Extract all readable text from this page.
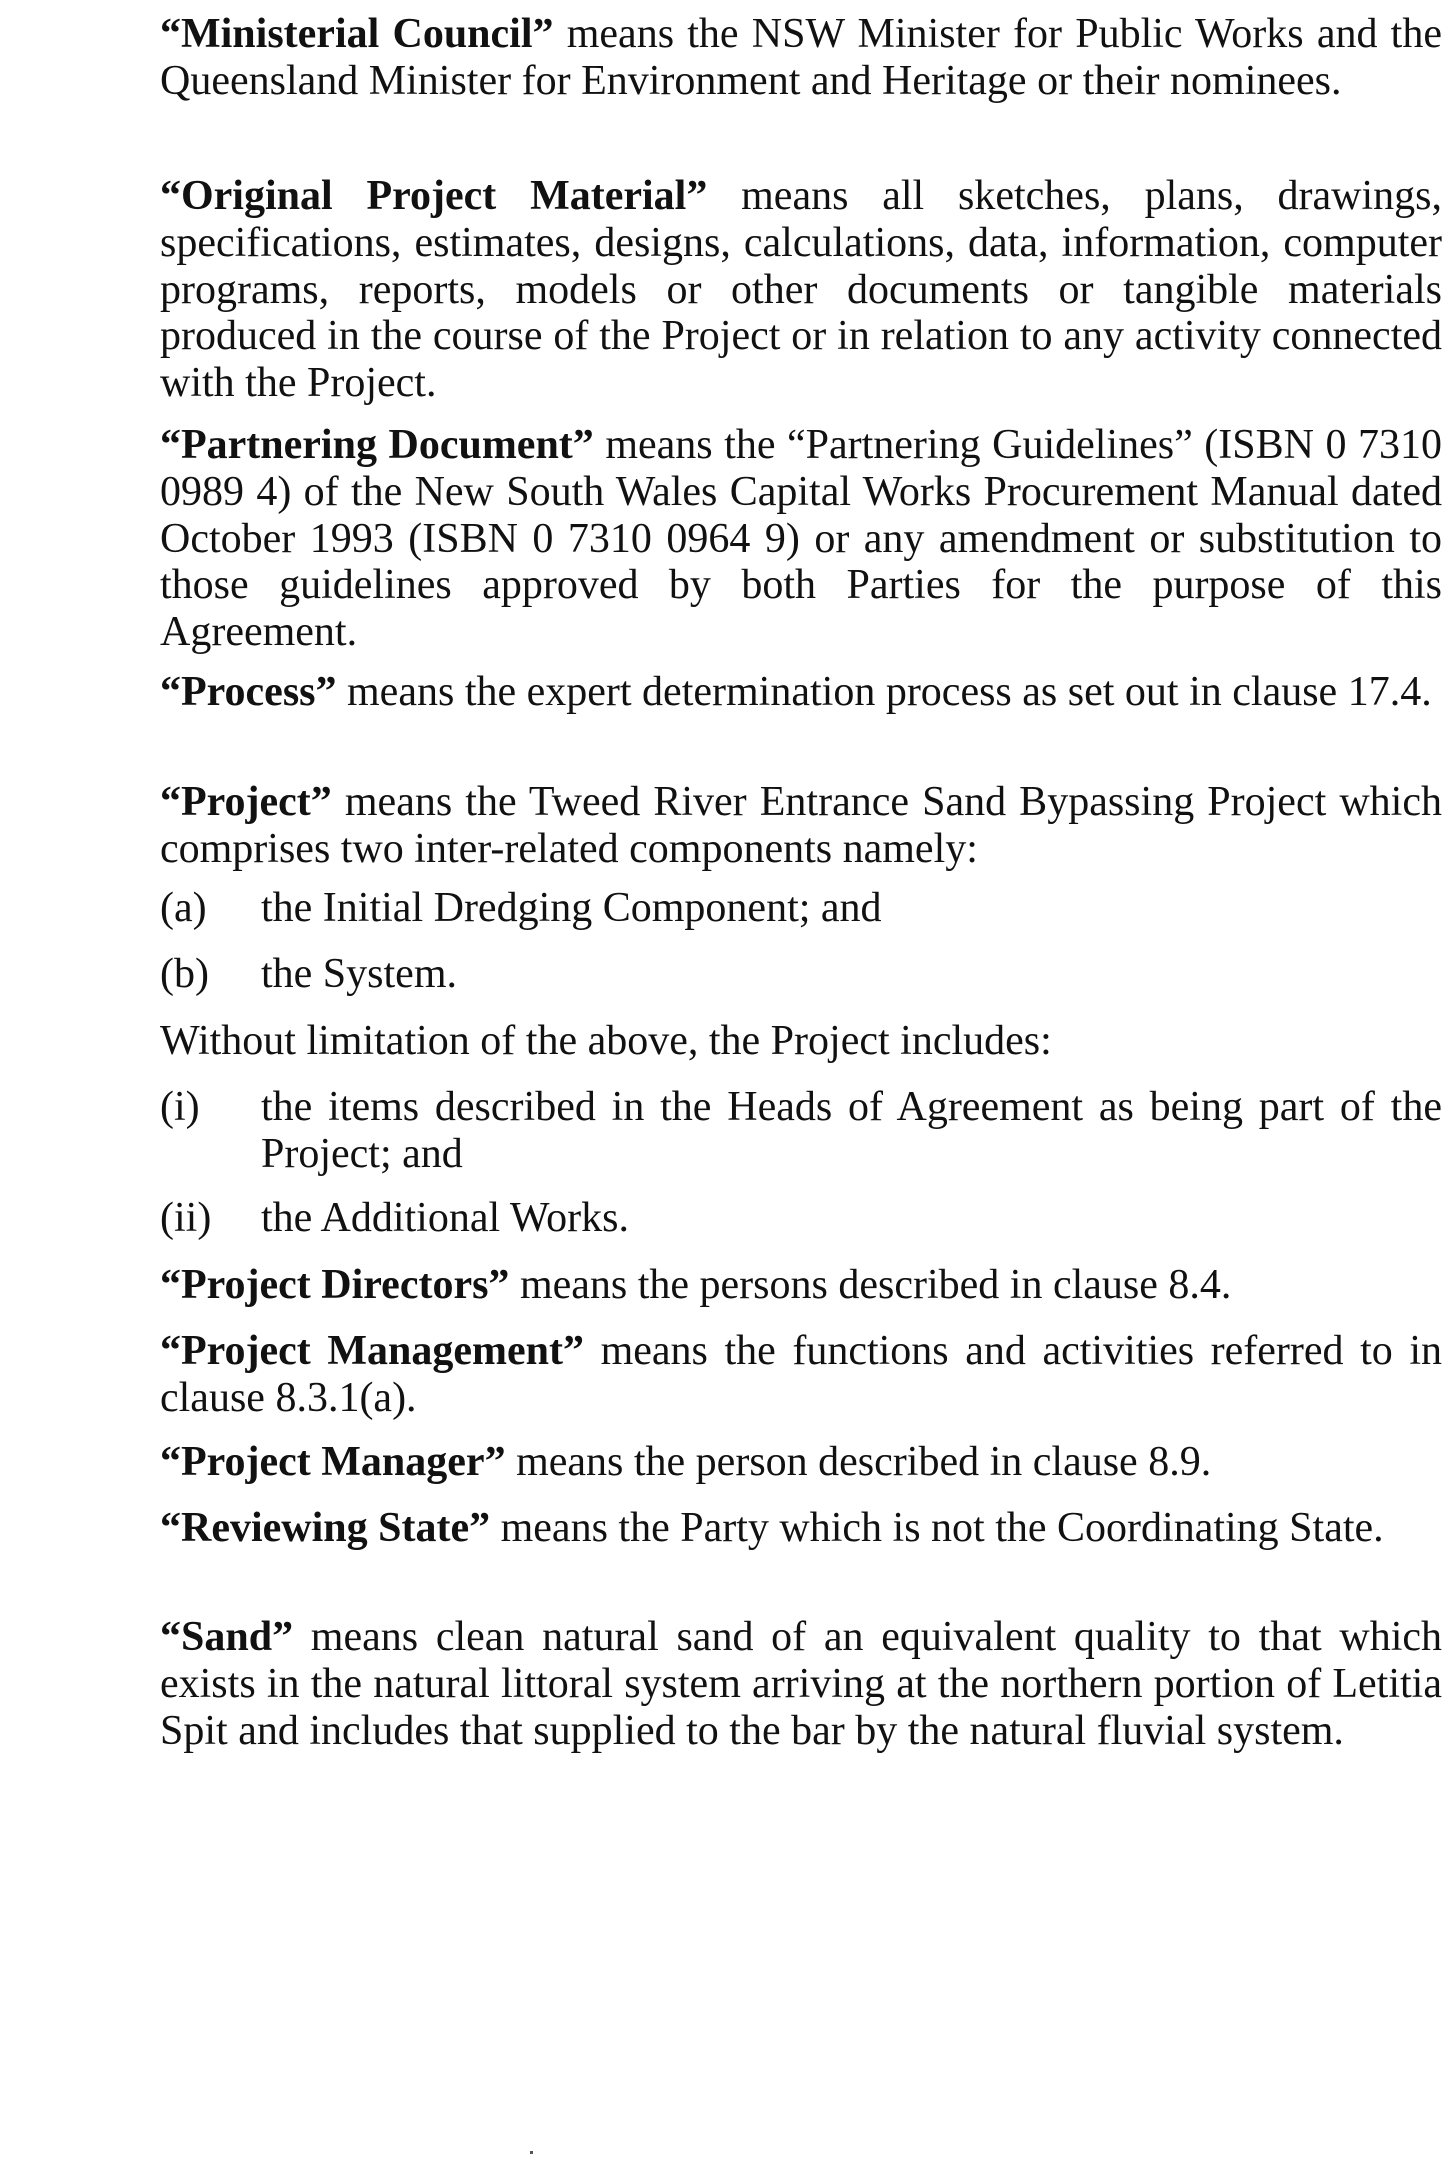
“Ministerial Council” means the NSW Minister for Public Works and the Queensland Minister for Environment and Heritage or their nominees.

“Original Project Material” means all sketches, plans, drawings, specifications, estimates, designs, calculations, data, information, computer programs, reports, models or other documents or tangible materials produced in the course of the Project or in relation to any activity connected with the Project.

“Partnering Document” means the “Partnering Guidelines” (ISBN 0 7310 0989 4) of the New South Wales Capital Works Procurement Manual dated October 1993 (ISBN 0 7310 0964 9) or any amendment or substitution to those guidelines approved by both Parties for the purpose of this Agreement.

“Process” means the expert determination process as set out in clause 17.4.

“Project” means the Tweed River Entrance Sand Bypassing Project which comprises two inter-related components namely:

(a) the Initial Dredging Component; and

(b) the System.

Without limitation of the above, the Project includes:

(i) the items described in the Heads of Agreement as being part of the Project; and

(ii) the Additional Works.

“Project Directors” means the persons described in clause 8.4.

“Project Management” means the functions and activities referred to in clause 8.3.1(a).

“Project Manager” means the person described in clause 8.9.

“Reviewing State” means the Party which is not the Coordinating State.

“Sand” means clean natural sand of an equivalent quality to that which exists in the natural littoral system arriving at the northern portion of Letitia Spit and includes that supplied to the bar by the natural fluvial system.
